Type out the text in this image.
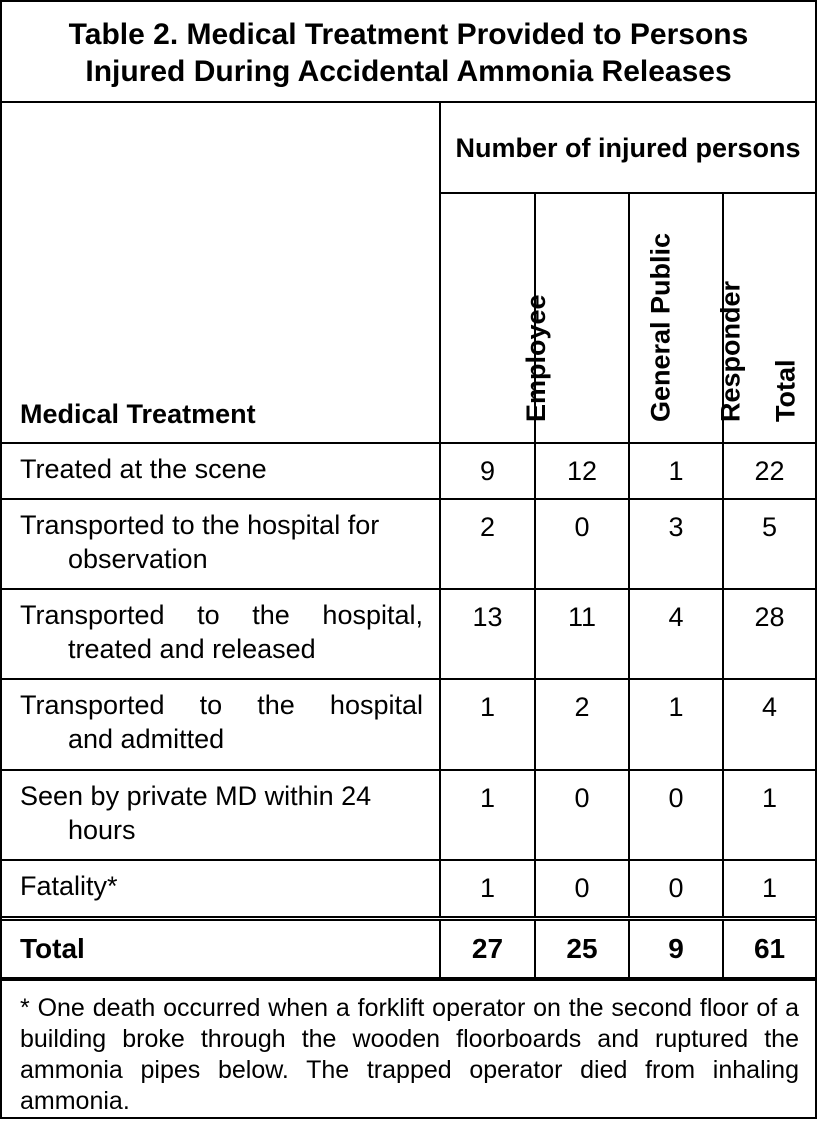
Table 2. Medical Treatment Provided to Persons
Injured During Accidental Ammonia Releases
Medical Treatment	Number of injured persons			

	Employee	General Public	Responder	Total

Treated at the scene	9	12	1	22

Transported to the hospital for
observation	2	0	3	5

Transported to the hospital,
treated and released	13	11	4	28

Transported to the hospital
and admitted	1	2	1	4

Seen by private MD within 24
hours	1	0	0	1

Fatality*	1	0	0	1
Total	27	25	9	61
* One death occurred when a forklift operator on the second floor of a building broke through the wooden floorboards and ruptured the ammonia pipes below. The trapped operator died from inhaling ammonia.
